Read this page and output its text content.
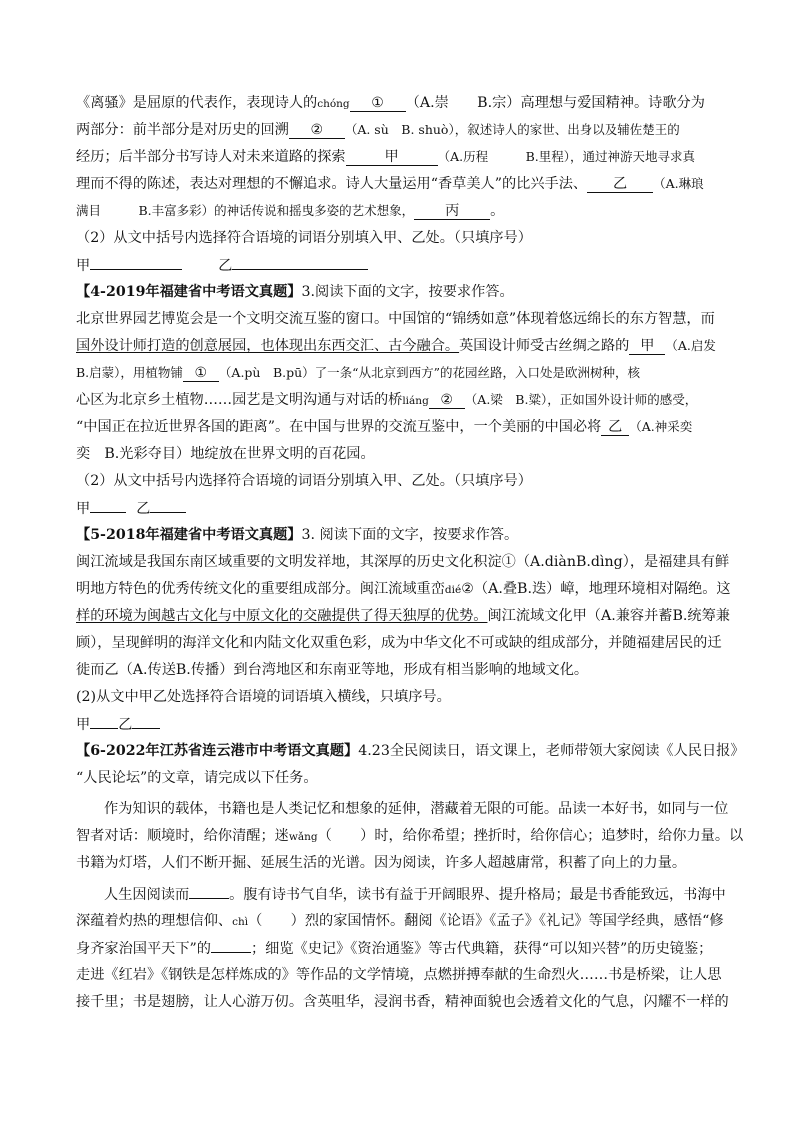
《离骚》是屈原的代表作，表现诗人的chóng ① （A.崇　　B.宗）高理想与爱国精神。诗歌分为
两部分：前半部分是对历史的回溯 ② （A. sù　B. shuò），叙述诗人的家世、出身以及辅佐楚王的
经历；后半部分书写诗人对未来道路的探索	甲	（A.历程　　　B.里程），通过神游天地寻求真
理而不得的陈述，表达对理想的不懈追求。诗人大量运用“香草美人”的比兴手法、 乙 （A.琳琅
满目　　　B.丰富多彩）的神话传说和摇曳多姿的艺术想象， 丙 。
（2）从文中括号内选择符合语境的词语分别填入甲、乙处。（只填序号）
甲	乙
【4-2019年福建省中考语文真题】3.阅读下面的文字，按要求作答。
北京世界园艺博览会是一个文明交流互鉴的窗口。中国馆的“锦绣如意”体现着悠远绵长的东方智慧，而
国外设计师打造的创意展园，也体现出东西交汇、古今融合。英国设计师受古丝绸之路的 甲 （A.启发
B.启蒙），用植物铺 ① （A.pù　B.pū）了一条“从北京到西方”的花园丝路，入口处是欧洲树种，核
心区为北京乡土植物……园艺是文明沟通与对话的桥liáng ② （A.梁　B.粱），正如国外设计师的感受，
“中国正在拉近世界各国的距离”。在中国与世界的交流互鉴中，一个美丽的中国必将 乙 （A.神采奕
奕　B.光彩夺目）地绽放在世界文明的百花园。
（2）从文中括号内选择符合语境的词语分别填入甲、乙处。（只填序号）
甲	乙
【5-2018年福建省中考语文真题】3. 阅读下面的文字，按要求作答。
闽江流域是我国东南区域重要的文明发祥地，其深厚的历史文化积淀①（A.diànB.dìng），是福建具有鲜
明地方特色的优秀传统文化的重要组成部分。闽江流域重峦dié②（A.叠B.迭）嶂，地理环境相对隔绝。这
样的环境为闽越古文化与中原文化的交融提供了得天独厚的优势。闽江流域文化甲（A.兼容并蓄B.统筹兼
顾），呈现鲜明的海洋文化和内陆文化双重色彩，成为中华文化不可或缺的组成部分，并随福建居民的迁
徙而乙（A.传送B.传播）到台湾地区和东南亚等地，形成有相当影响的地域文化。
(2)从文中甲乙处选择符合语境的词语填入横线，只填序号。
甲 乙
【6-2022年江苏省连云港市中考语文真题】4.23全民阅读日，语文课上，老师带领大家阅读《人民日报》
“人民论坛”的文章，请完成以下任务。
作为知识的载体，书籍也是人类记忆和想象的延伸，潜藏着无限的可能。品读一本好书，如同与一位
智者对话：顺境时，给你清醒；迷wǎng（　　）时，给你希望；挫折时，给你信心；追梦时，给你力量。以
书籍为灯塔，人们不断开掘、延展生活的光谱。因为阅读，许多人超越庸常，积蓄了向上的力量。
人生因阅读而	。腹有诗书气自华，读书有益于开阔眼界、提升格局；最是书香能致远，书海中
深蕴着灼热的理想信仰、chì（　　）烈的家国情怀。翻阅《论语》《孟子》《礼记》等国学经典，感悟“修
身齐家治国平天下”的	；细览《史记》《资治通鉴》等古代典籍，获得“可以知兴替”的历史镜鉴；
走进《红岩》《钢铁是怎样炼成的》等作品的文学情境，点燃拼搏奉献的生命烈火……书是桥梁，让人思
接千里；书是翅膀，让人心游万仞。含英咀华，浸润书香，精神面貌也会透着文化的气息，闪耀不一样的
